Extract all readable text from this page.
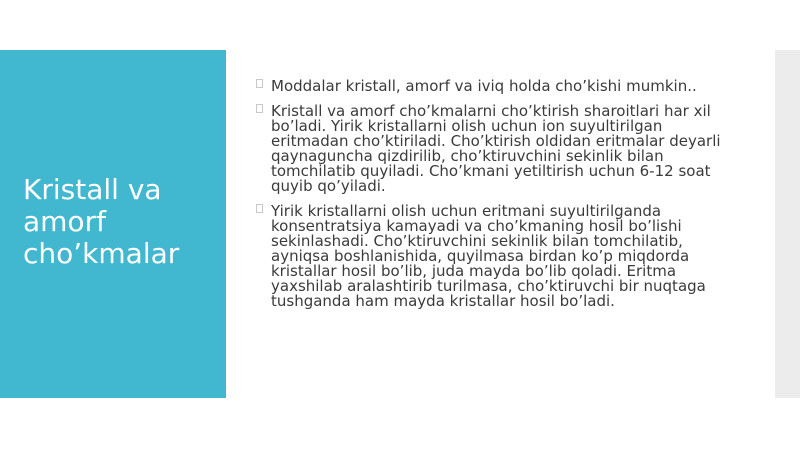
Kristall va amorf cho’kmalar
Moddalar kristall, amorf va iviq holda cho’kishi mumkin..
Kristall va amorf cho’kmalarni cho’ktirish sharoitlari har xil bo’ladi. Yirik kristallarni olish uchun ion suyultirilgan eritmadan cho’ktiriladi. Cho’ktirish oldidan eritmalar deyarli qaynaguncha qizdirilib, cho’ktiruvchini sekinlik bilan tomchilatib quyiladi. Cho’kmani yetiltirish uchun 6-12 soat quyib qo’yiladi.
Yirik kristallarni olish uchun eritmani suyultirilganda konsentratsiya kamayadi va cho’kmaning hosil bo’lishi sekinlashadi. Cho’ktiruvchini sekinlik bilan tomchilatib, ayniqsa boshlanishida, quyilmasa birdan ko’p miqdorda kristallar hosil bo’lib, juda mayda bo’lib qoladi. Eritma yaxshilab aralashtirib turilmasa, cho’ktiruvchi bir nuqtaga tushganda ham mayda kristallar hosil bo’ladi.
